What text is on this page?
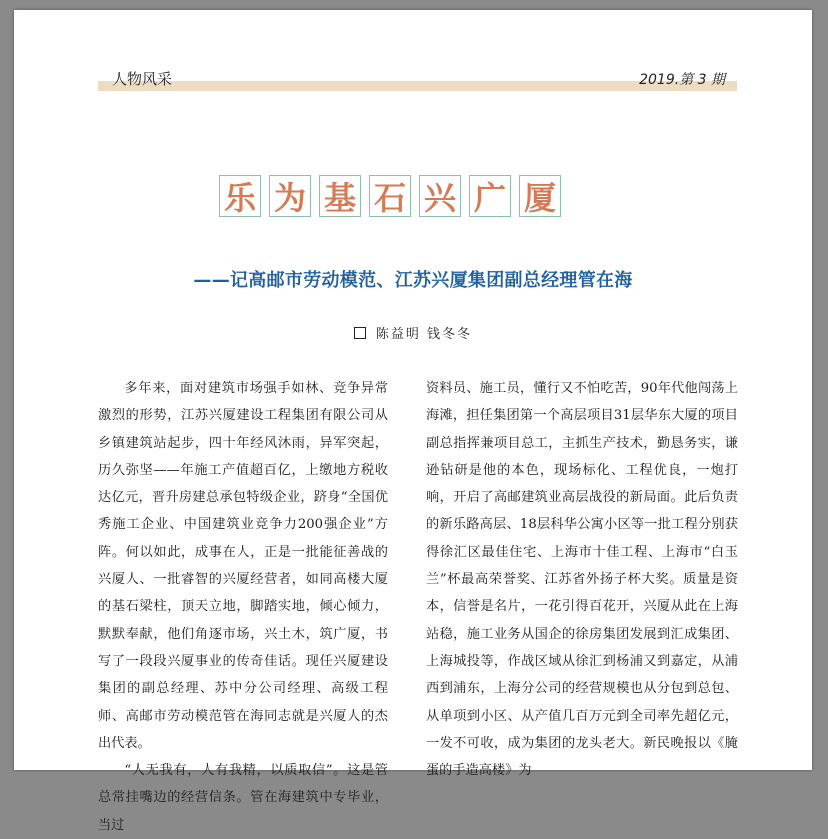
人物风采	2019.第 3 期
乐 为 基 石 兴 广 厦
——记高邮市劳动模范、江苏兴厦集团副总经理管在海
陈益明 钱冬冬

多年来，面对建筑市场强手如林、竞争异常激烈的形势，江苏兴厦建设工程集团有限公司从乡镇建筑站起步，四十年经风沐雨，异军突起，历久弥坚——年施工产值超百亿，上缴地方税收达亿元，晋升房建总承包特级企业，跻身“全国优秀施工企业、中国建筑业竞争力200强企业”方阵。何以如此，成事在人，正是一批能征善战的兴厦人、一批睿智的兴厦经营者，如同高楼大厦的基石梁柱，顶天立地，脚踏实地，倾心倾力，默默奉献，他们角逐市场，兴土木，筑广厦，书写了一段段兴厦事业的传奇佳话。现任兴厦建设集团的副总经理、苏中分公司经理、高级工程师、高邮市劳动模范管在海同志就是兴厦人的杰出代表。

“人无我有，人有我精，以质取信”。这是管总常挂嘴边的经营信条。管在海建筑中专毕业，当过

资料员、施工员，懂行又不怕吃苦，90年代他闯荡上海滩，担任集团第一个高层项目31层华东大厦的项目副总指挥兼项目总工，主抓生产技术，勤恳务实，谦逊钻研是他的本色，现场标化、工程优良，一炮打响，开启了高邮建筑业高层战役的新局面。此后负责的新乐路高层、18层科华公寓小区等一批工程分别获得徐汇区最佳住宅、上海市十佳工程、上海市“白玉兰”杯最高荣誉奖、江苏省外扬子杯大奖。质量是资本，信誉是名片，一花引得百花开，兴厦从此在上海站稳，施工业务从国企的徐房集团发展到汇成集团、上海城投等，作战区域从徐汇到杨浦又到嘉定，从浦西到浦东，上海分公司的经营规模也从分包到总包、从单项到小区、从产值几百万元到全司率先超亿元，一发不可收，成为集团的龙头老大。新民晚报以《腌蛋的手造高楼》为
